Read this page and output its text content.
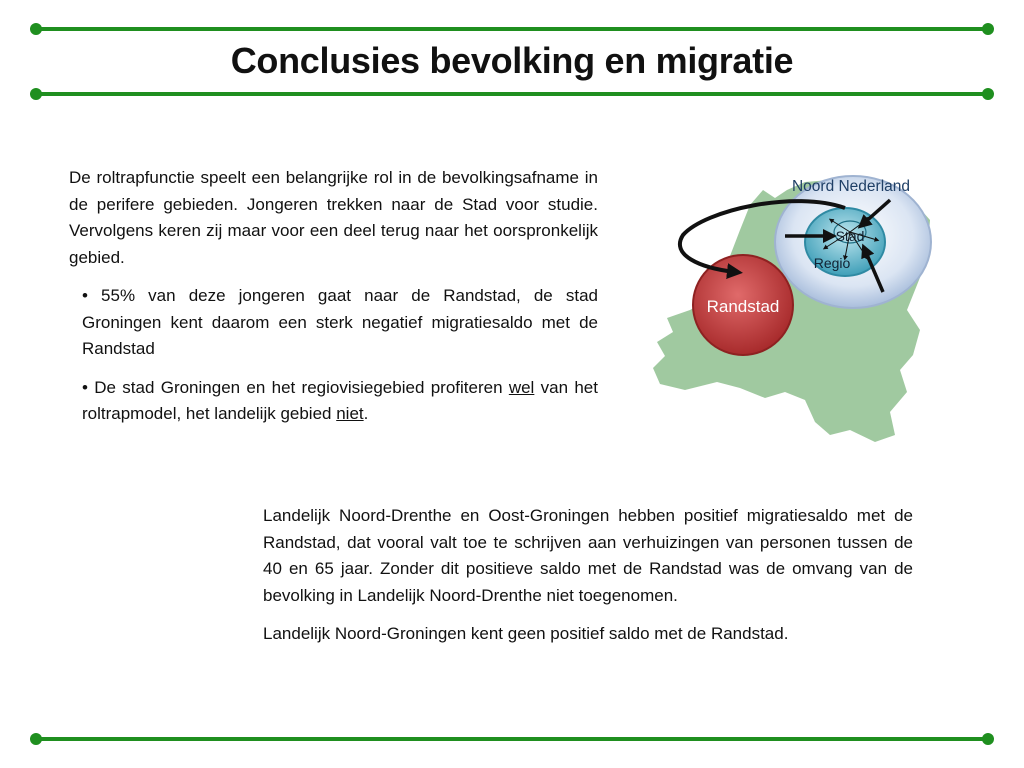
Conclusies bevolking en migratie

De roltrapfunctie speelt een belangrijke rol in de bevolkingsafname in de perifere gebieden. Jongeren trekken naar de Stad voor studie. Vervolgens keren zij maar voor een deel terug naar het oorspronkelijk gebied.

• 55% van deze jongeren gaat naar de Randstad, de stad Groningen kent daarom een sterk negatief migratiesaldo met de Randstad

• De stad Groningen en het regiovisiegebied profiteren wel van het roltrapmodel, het landelijk gebied niet.

Noord Nederland
Stad
Regio
Randstad

Landelijk Noord-Drenthe en Oost-Groningen hebben positief migratiesaldo met de Randstad, dat vooral valt toe te schrijven aan verhuizingen van personen tussen de 40 en 65 jaar. Zonder dit positieve saldo met de Randstad was de omvang van de bevolking in Landelijk Noord-Drenthe niet toegenomen.

Landelijk Noord-Groningen kent geen positief saldo met de Randstad.
